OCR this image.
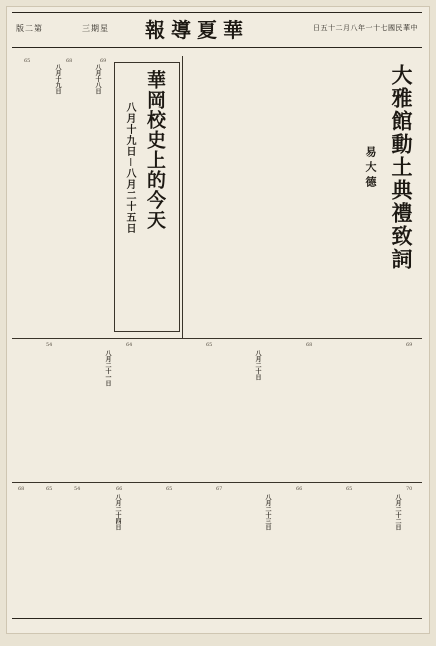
版二第	三期星 報導夏華	日五十二月八年一十七國民華中
大雅館動土典禮致詞
易大德
華岡校史上的今天
八月十九日－八月二十五日
69
68
65
八月十八日
八月十九日
69
68
65
64
54
八月二十日
八月二十一日
68	65	54	66	65	67	66	65	70
八月二十四日	八月二十三日	八月二十二日
